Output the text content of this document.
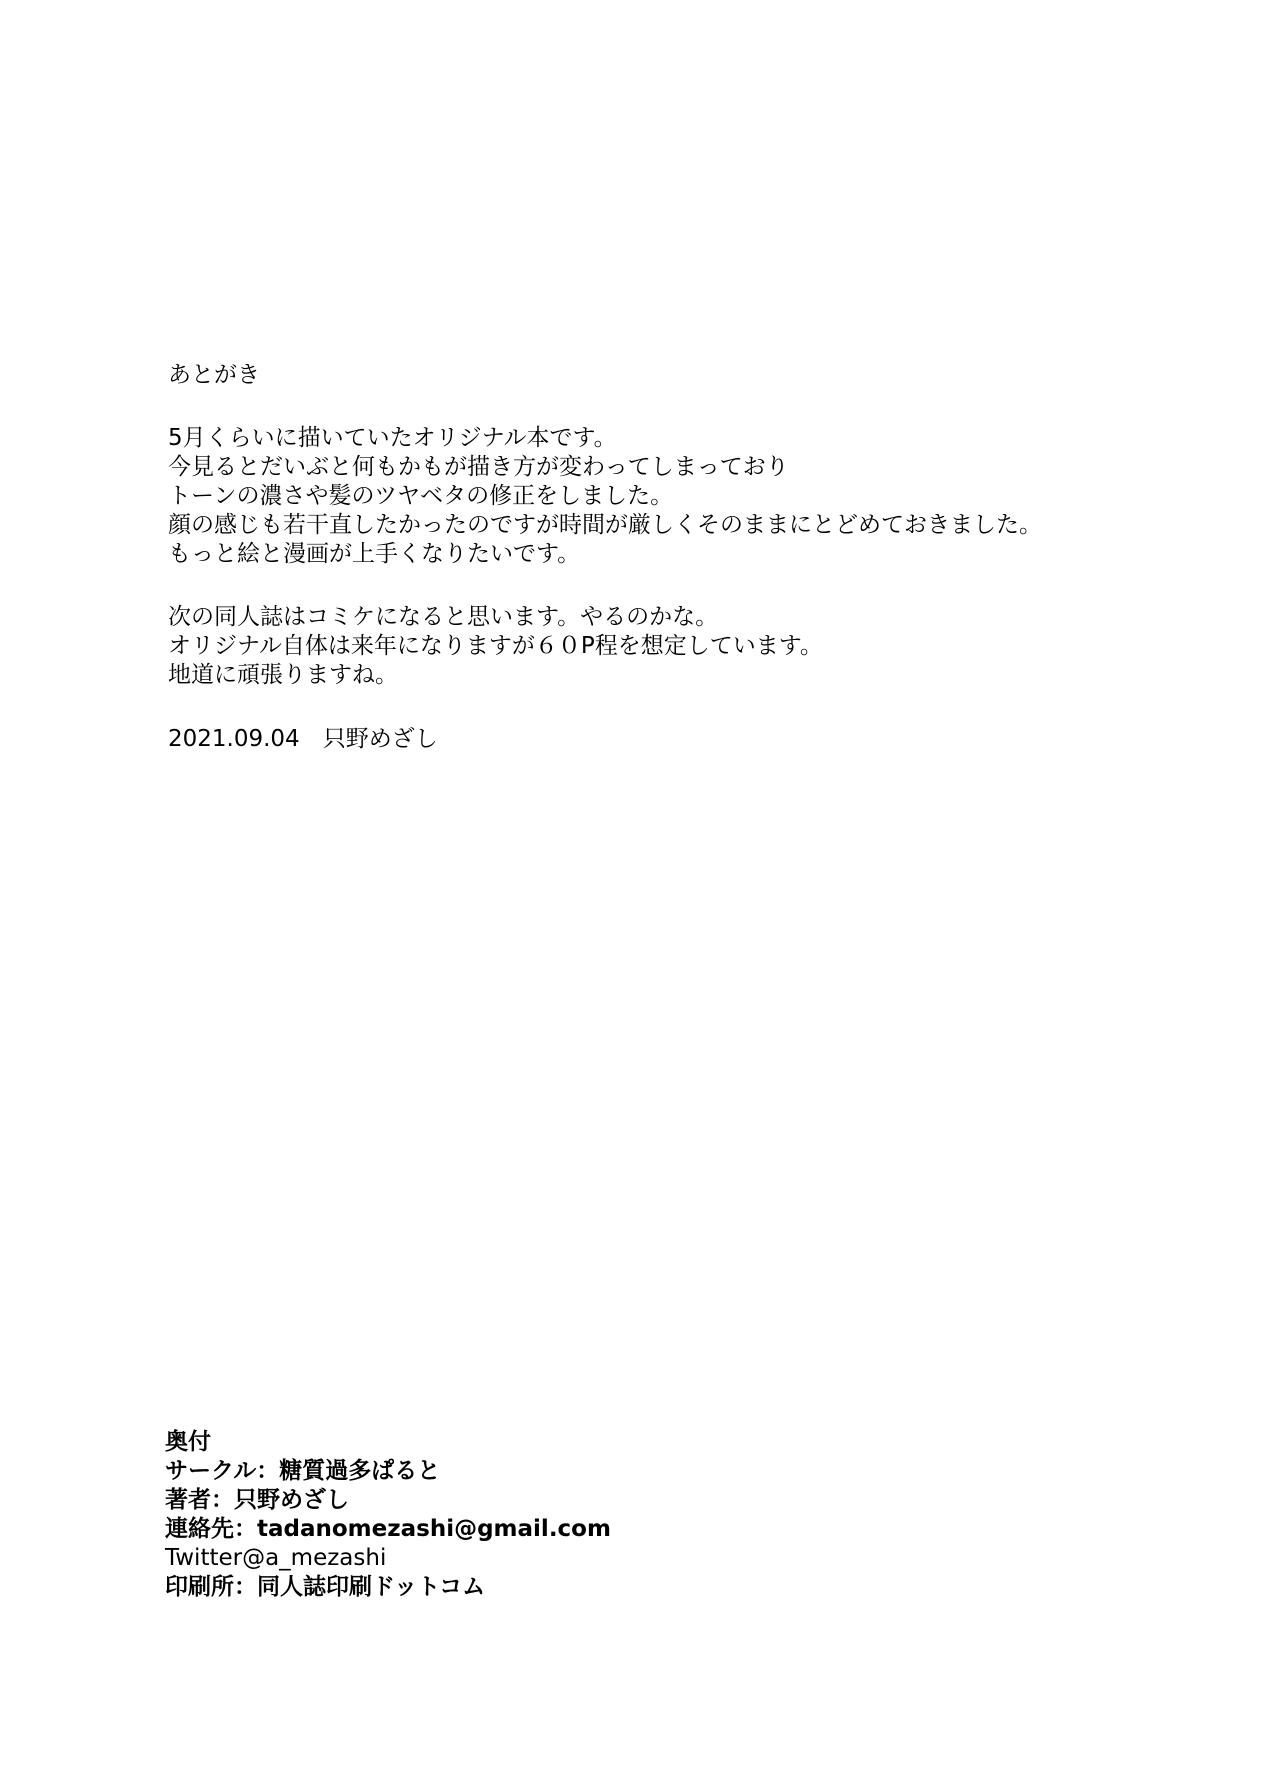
あとがき
5月くらいに描いていたオリジナル本です。
今見るとだいぶと何もかもが描き方が変わってしまっており
トーンの濃さや髪のツヤベタの修正をしました。
顔の感じも若干直したかったのですが時間が厳しくそのままにとどめておきました。
もっと絵と漫画が上手くなりたいです。
次の同人誌はコミケになると思います。やるのかな。
オリジナル自体は来年になりますが６０P程を想定しています。
地道に頑張りますね。
2021.09.04　只野めざし
奥付
サークル：糖質過多ぱると
著者：只野めざし
連絡先：tadanomezashi@gmail.com
Twitter@a_mezashi
印刷所：同人誌印刷ドットコム
